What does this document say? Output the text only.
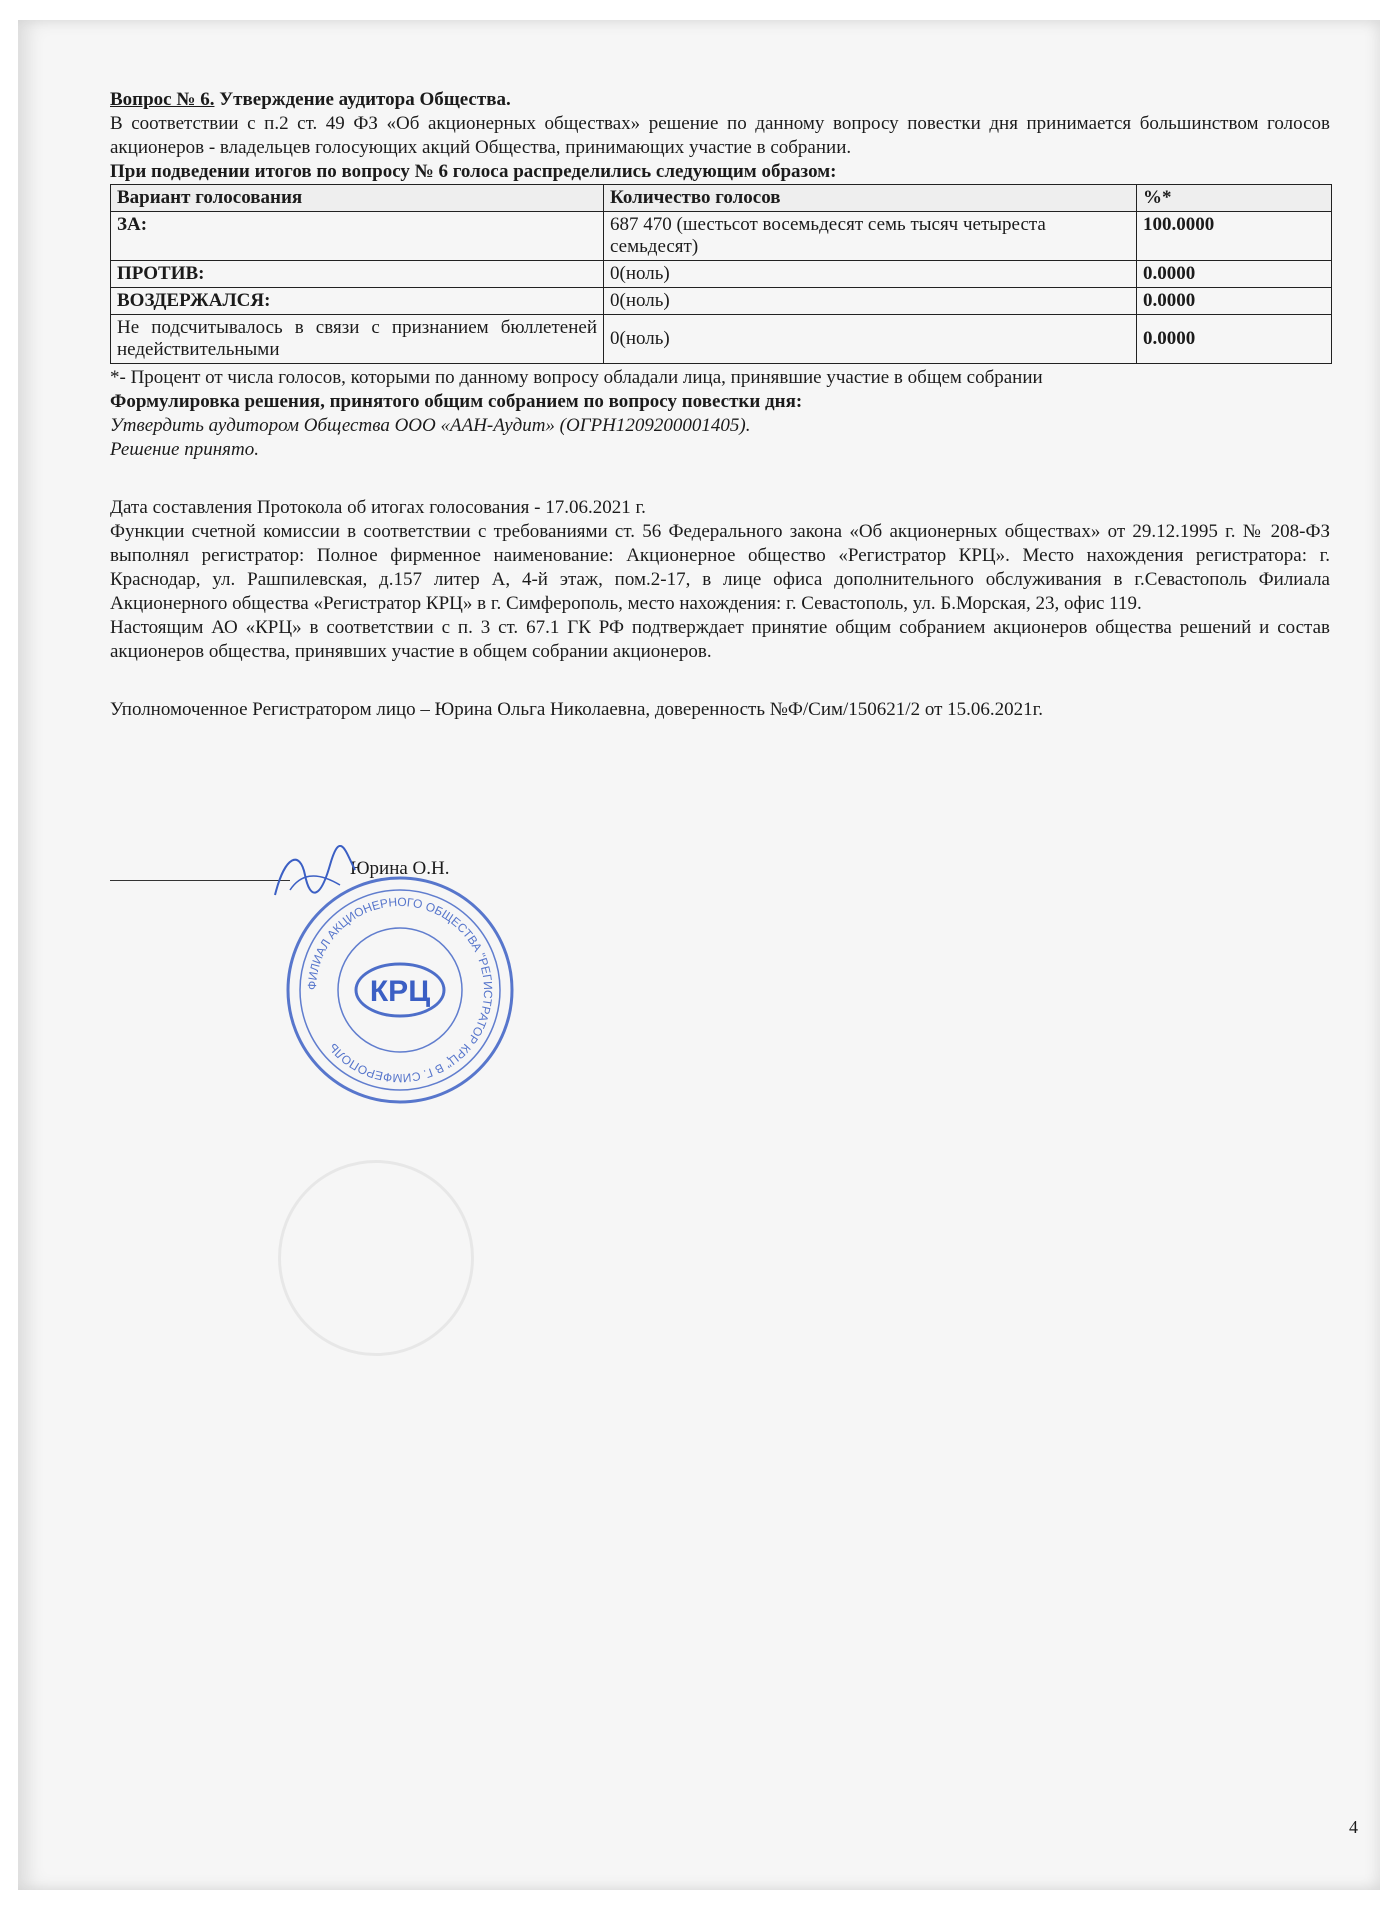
Вопрос № 6. Утверждение аудитора Общества.

В соответствии с п.2 ст. 49 ФЗ «Об акционерных обществах» решение по данному вопросу повестки дня принимается большинством голосов акционеров - владельцев голосующих акций Общества, принимающих участие в собрании.

При подведении итогов по вопросу № 6 голоса распределились следующим образом:
Вариант голосования	Количество голосов	%*
ЗА:	687 470 (шестьсот восемьдесят семь тысяч четыреста семьдесят)	100.0000
ПРОТИВ:	0(ноль)	0.0000
ВОЗДЕРЖАЛСЯ:	0(ноль)	0.0000
Не подсчитывалось в связи с признанием бюллетеней недействительными	0(ноль)	0.0000
*- Процент от числа голосов, которыми по данному вопросу обладали лица, принявшие участие в общем собрании
Формулировка решения, принятого общим собранием по вопросу повестки дня:
Утвердить аудитором Общества ООО «ААН-Аудит» (ОГРН1209200001405).
Решение принято.
Дата составления Протокола об итогах голосования - 17.06.2021 г.

Функции счетной комиссии в соответствии с требованиями ст. 56 Федерального закона «Об акционерных обществах» от 29.12.1995 г. № 208-ФЗ выполнял регистратор: Полное фирменное наименование: Акционерное общество «Регистратор КРЦ». Место нахождения регистратора: г. Краснодар, ул. Рашпилевская, д.157 литер А, 4-й этаж, пом.2-17, в лице офиса дополнительного обслуживания в г.Севастополь Филиала Акционерного общества «Регистратор КРЦ» в г. Симферополь, место нахождения: г. Севастополь, ул. Б.Морская, 23, офис 119.

Настоящим АО «КРЦ» в соответствии с п. 3 ст. 67.1 ГК РФ подтверждает принятие общим собранием акционеров общества решений и состав акционеров общества, принявших участие в общем собрании акционеров.

Уполномоченное Регистратором лицо – Юрина Ольга Николаевна, доверенность №Ф/Сим/150621/2 от 15.06.2021г.
Юрина О.Н.
ФИЛИАЛ АКЦИОНЕРНОГО ОБЩЕСТВА "РЕГИСТРАТОР КРЦ" В Г. СИМФЕРОПОЛЬ
КРЦ
4
